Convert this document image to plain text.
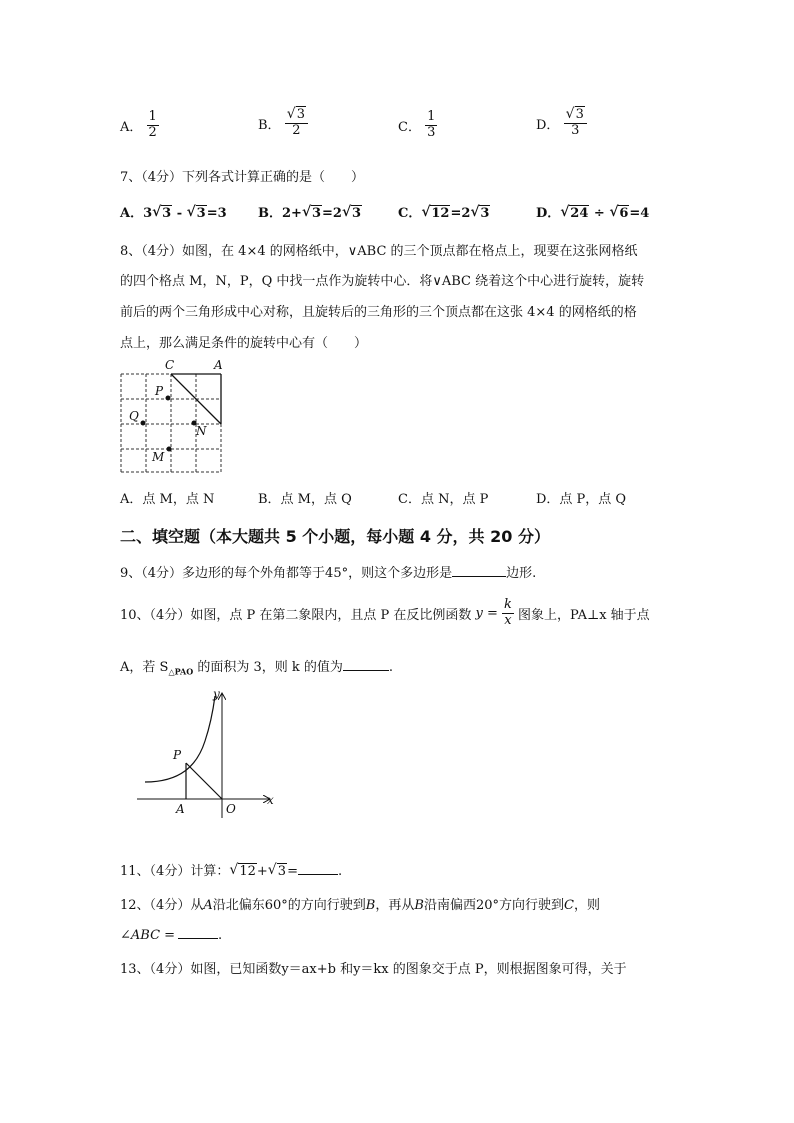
A． $\frac{1}{2}$	B． √ $\frac{3}{2}$	C． $\frac{1}{3}$	D． √ $\frac{3}{3}$
7、（4分）下列各式计算正确的是（　　）
A．3 √ 3 - √ 3=3 B．2+ √ 3=2 √ 3	C． √ 12=2 √ 3	D． √ 24 ÷ √ 6=4
8、（4分）如图，在 4×4 的网格纸中，∨ABC 的三个顶点都在格点上，现要在这张网格纸
的四个格点 M，N，P，Q 中找一点作为旋转中心．将∨ABC 绕着这个中心进行旋转，旋转
前后的两个三角形成中心对称，且旋转后的三角形的三个顶点都在这张 4×4 的网格纸的格
点上，那么满足条件的旋转中心有（　　）
C	A
P
Q
N
M
A．点 M，点 N	B．点 M，点 Q	C．点 N，点 P	D．点 P，点 Q
二、填空题（本大题共 5 个小题，每小题 4 分，共 20 分）
9、（4分）多边形的每个外角都等于45°，则这个多边形是	边形.
10、（4分）如图，点 P 在第二象限内，且点 P 在反比例函数 $y = \frac{k}{x}$ 图象上，PA⊥x 轴于点
A，若 $S_{\triangle PAO}$ 的面积为 3，则 k 的值为	.
y
x
P
A	O
11、（4分）计算： √ 12+ √ 3=	.
12、（4分）从A沿北偏东60°的方向行驶到B，再从B沿南偏西20°方向行驶到C，则
∠ABC =	.
13、（4分）如图，已知函数y＝ax+b 和y＝kx 的图象交于点 P，则根据图象可得，关于
